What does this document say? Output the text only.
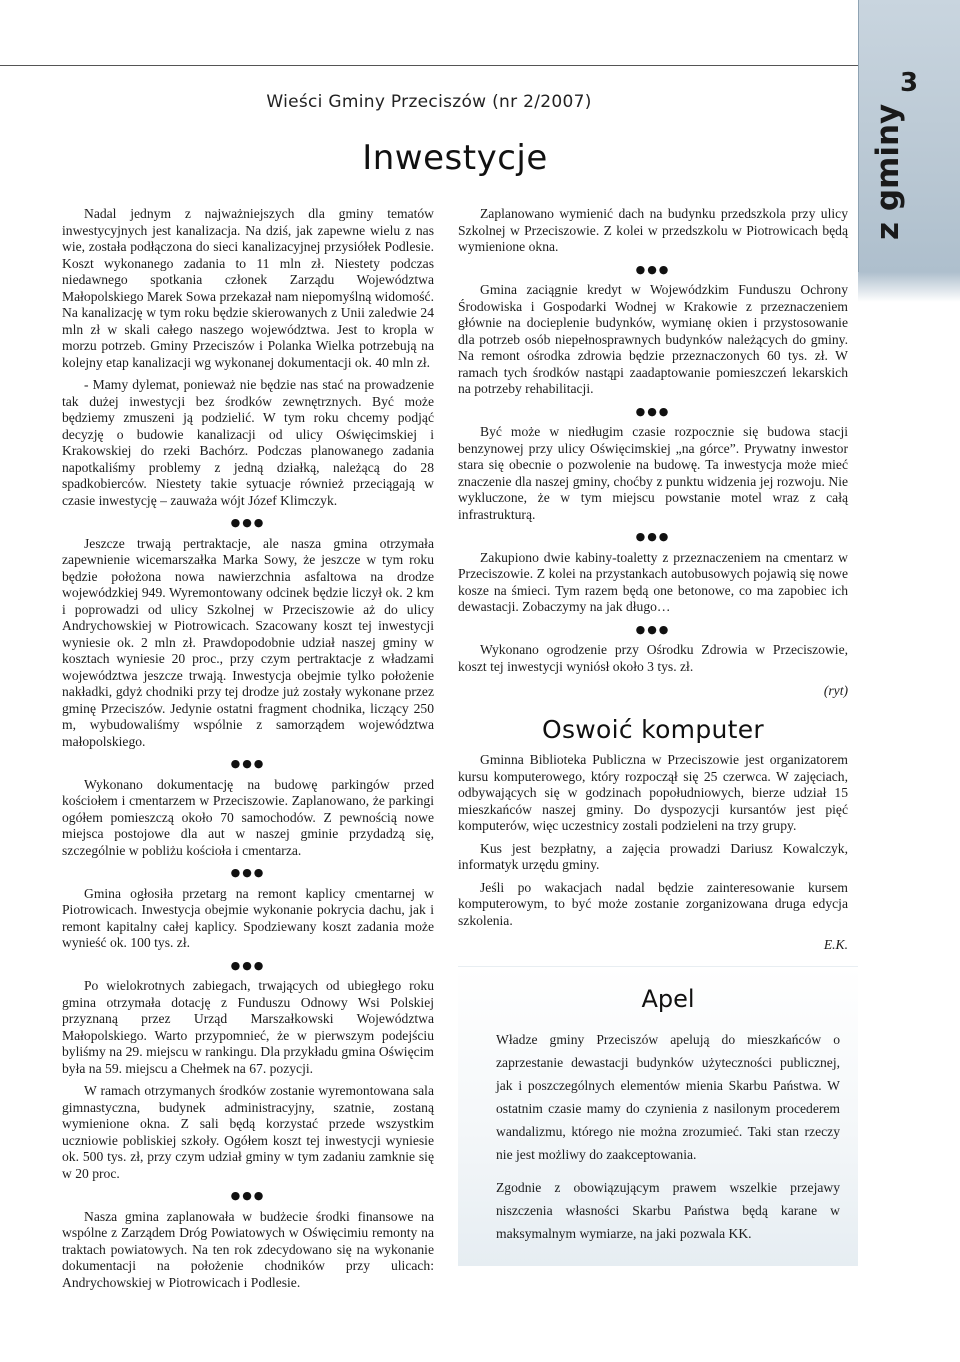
3
z gminy
Wieści Gminy Przeciszów (nr 2/2007)
Inwestycje

Nadal jednym z najważniejszych dla gminy tematów inwestycyjnych jest kanalizacja. Na dziś, jak zapewne wielu z nas wie, została podłączona do sieci kanalizacyjnej przysiółek Podlesie. Koszt wykonanego zadania to 11 mln zł. Niestety podczas niedawnego spotkania członek Zarządu Województwa Małopolskiego Marek Sowa przekazał nam niepomyślną widomość. Na kanalizację w tym roku będzie skierowanych z Unii zaledwie 24 mln zł w skali całego naszego województwa. Jest to kropla w morzu potrzeb. Gminy Przeciszów i Polanka Wielka potrzebują na kolejny etap kanalizacji wg wykonanej dokumentacji ok. 40 mln zł.

- Mamy dylemat, ponieważ nie będzie nas stać na prowadzenie tak dużej inwestycji bez środków zewnętrznych. Być może będziemy zmuszeni ją podzielić. W tym roku chcemy podjąć decyzję o budowie kanalizacji od ulicy Oświęcimskiej i Krakowskiej do rzeki Bachórz. Podczas planowanego zadania napotkaliśmy problemy z jedną działką, należącą do 28 spadkobierców. Niestety takie sytuacje również przeciągają w czasie inwestycję – zauważa wójt Józef Klimczyk.

●●●

Jeszcze trwają pertraktacje, ale nasza gmina otrzymała zapewnienie wicemarszałka Marka Sowy, że jeszcze w tym roku będzie położona nowa nawierzchnia asfaltowa na drodze wojewódzkiej 949. Wyremontowany odcinek będzie liczył ok. 2 km i poprowadzi od ulicy Szkolnej w Przeciszowie aż do ulicy Andrychowskiej w Piotrowicach. Szacowany koszt tej inwestycji wyniesie ok. 2 mln zł. Prawdopodobnie udział naszej gminy w kosztach wyniesie 20 proc., przy czym pertraktacje z władzami województwa jeszcze trwają. Inwestycja obejmie tylko położenie nakładki, gdyż chodniki przy tej drodze już zostały wykonane przez gminę Przeciszów. Jedynie ostatni fragment chodnika, liczący 250 m, wybudowaliśmy wspólnie z samorządem województwa małopolskiego.

●●●

Wykonano dokumentację na budowę parkingów przed kościołem i cmentarzem w Przeciszowie. Zaplanowano, że parkingi ogółem pomieszczą około 70 samochodów. Z pewnością nowe miejsca postojowe dla aut w naszej gminie przydadzą się, szczególnie w pobliżu kościoła i cmentarza.

●●●

Gmina ogłosiła przetarg na remont kaplicy cmentarnej w Piotrowicach. Inwestycja obejmie wykonanie pokrycia dachu, jak i remont kapitalny całej kaplicy. Spodziewany koszt zadania może wynieść ok. 100 tys. zł.

●●●

Po wielokrotnych zabiegach, trwających od ubiegłego roku gmina otrzymała dotację z Funduszu Odnowy Wsi Polskiej przyznaną przez Urząd Marszałkowski Województwa Małopolskiego. Warto przypomnieć, że w pierwszym podejściu byliśmy na 29. miejscu w rankingu. Dla przykładu gmina Oświęcim była na 59. miejscu a Chełmek na 67. pozycji.

W ramach otrzymanych środków zostanie wyremontowana sala gimnastyczna, budynek administracyjny, szatnie, zostaną wymienione okna. Z sali będą korzystać przede wszystkim uczniowie pobliskiej szkoły. Ogółem koszt tej inwestycji wyniesie ok. 500 tys. zł, przy czym udział gminy w tym zadaniu zamknie się w 20 proc.

●●●

Nasza gmina zaplanowała w budżecie środki finansowe na wspólne z Zarządem Dróg Powiatowych w Oświęcimiu remonty na traktach powiatowych. Na ten rok zdecydowano się na wykonanie dokumentacji na położenie chodników przy ulicach: Andrychowskiej w Piotrowicach i Podlesie.

Zaplanowano wymienić dach na budynku przedszkola przy ulicy Szkolnej w Przeciszowie. Z kolei w przedszkolu w Piotrowicach będą wymienione okna.

●●●

Gmina zaciągnie kredyt w Wojewódzkim Funduszu Ochrony Środowiska i Gospodarki Wodnej w Krakowie z przeznaczeniem głównie na docieplenie budynków, wymianę okien i przystosowanie dla potrzeb osób niepełnosprawnych budynków należących do gminy. Na remont ośrodka zdrowia będzie przeznaczonych 60 tys. zł. W ramach tych środków nastąpi zaadaptowanie pomieszczeń lekarskich na potrzeby rehabilitacji.

●●●

Być może w niedługim czasie rozpocznie się budowa stacji benzynowej przy ulicy Oświęcimskiej „na górce”. Prywatny inwestor stara się obecnie o pozwolenie na budowę. Ta inwestycja może mieć znaczenie dla naszej gminy, choćby z punktu widzenia jej rozwoju. Nie wykluczone, że w tym miejscu powstanie motel wraz z całą infrastrukturą.

●●●

Zakupiono dwie kabiny-toaletty z przeznaczeniem na cmentarz w Przeciszowie. Z kolei na przystankach autobusowych pojawią się nowe kosze na śmieci. Tym razem będą one betonowe, co ma zapobiec ich dewastacji. Zobaczymy na jak długo…

●●●

Wykonano ogrodzenie przy Ośrodku Zdrowia w Przeciszowie, koszt tej inwestycji wyniósł około 3 tys. zł.

(ryt)
Oswoić komputer

Gminna Biblioteka Publiczna w Przeciszowie jest organizatorem kursu komputerowego, który rozpoczął się 25 czerwca. W zajęciach, odbywających się w godzinach popołudniowych, bierze udział 15 mieszkańców naszej gminy. Do dyspozycji kursantów jest pięć komputerów, więc uczestnicy zostali podzieleni na trzy grupy.

Kus jest bezpłatny, a zajęcia prowadzi Dariusz Kowalczyk, informatyk urzędu gminy.

Jeśli po wakacjach nadal będzie zainteresowanie kursem komputerowym, to być może zostanie zorganizowana druga edycja szkolenia.

E.K.
Apel

Władze gminy Przeciszów apelują do mieszkańców o zaprzestanie dewastacji budynków użyteczności publicznej, jak i poszczególnych elementów mienia Skarbu Państwa. W ostatnim czasie mamy do czynienia z nasilonym procederem wandalizmu, którego nie można zrozumieć. Taki stan rzeczy nie jest możliwy do zaakceptowania.

Zgodnie z obowiązującym prawem wszelkie przejawy niszczenia własności Skarbu Państwa będą karane w maksymalnym wymiarze, na jaki pozwala KK.
